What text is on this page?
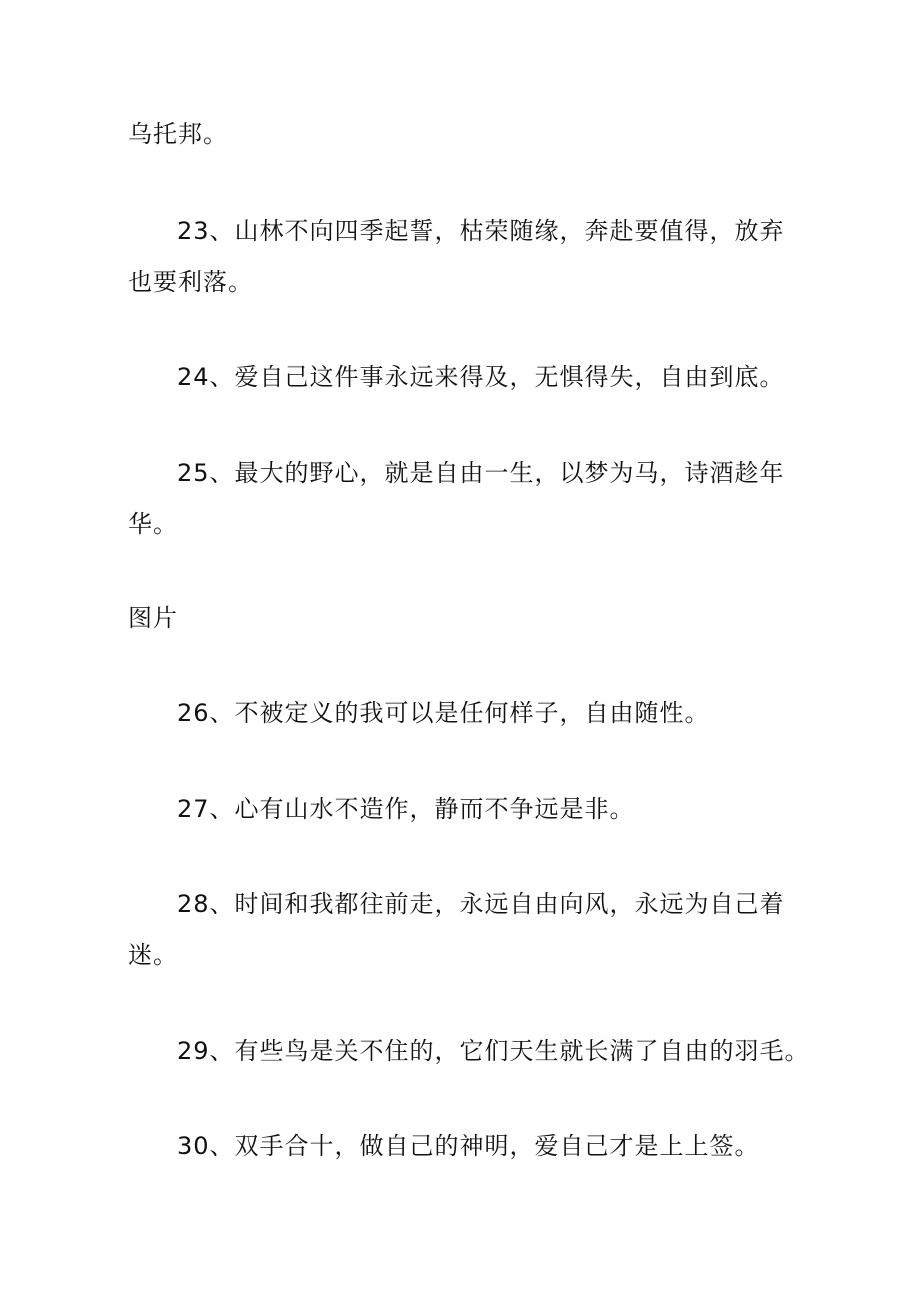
乌托邦。
23、山林不向四季起誓，枯荣随缘，奔赴要值得，放弃
也要利落。
24、爱自己这件事永远来得及，无惧得失，自由到底。
25、最大的野心，就是自由一生，以梦为马，诗酒趁年
华。
图片
26、不被定义的我可以是任何样子，自由随性。
27、心有山水不造作，静而不争远是非。
28、时间和我都往前走，永远自由向风，永远为自己着
迷。
29、有些鸟是关不住的，它们天生就长满了自由的羽毛。
30、双手合十，做自己的神明，爱自己才是上上签。
